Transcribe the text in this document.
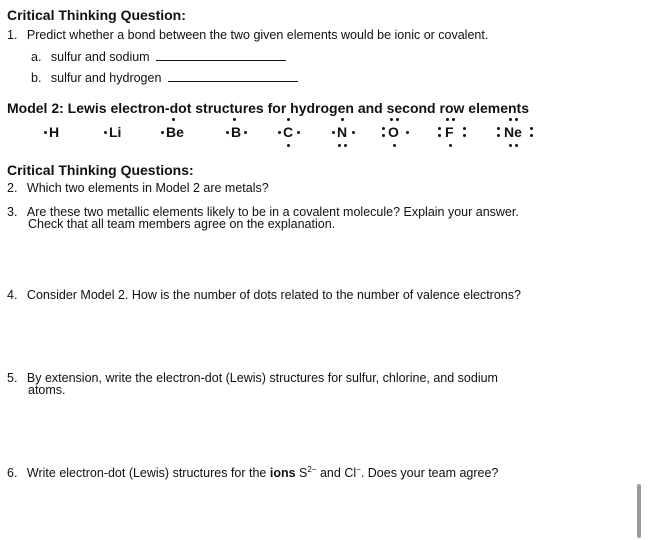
Critical Thinking Question:
1. Predict whether a bond between the two given elements would be ionic or covalent.
a. sulfur and sodium
b. sulfur and hydrogen
Model 2: Lewis electron-dot structures for hydrogen and second row elements
H	Li	Be	B	C	N	O	F	Ne
Critical Thinking Questions:
2. Which two elements in Model 2 are metals?
3. Are these two metallic elements likely to be in a covalent molecule? Explain your answer.
Check that all team members agree on the explanation.
4. Consider Model 2. How is the number of dots related to the number of valence electrons?
5. By extension, write the electron-dot (Lewis) structures for sulfur, chlorine, and sodium
atoms.
6. Write electron-dot (Lewis) structures for the ions $S^{2-}$ and Cl−. Does your team agree?
